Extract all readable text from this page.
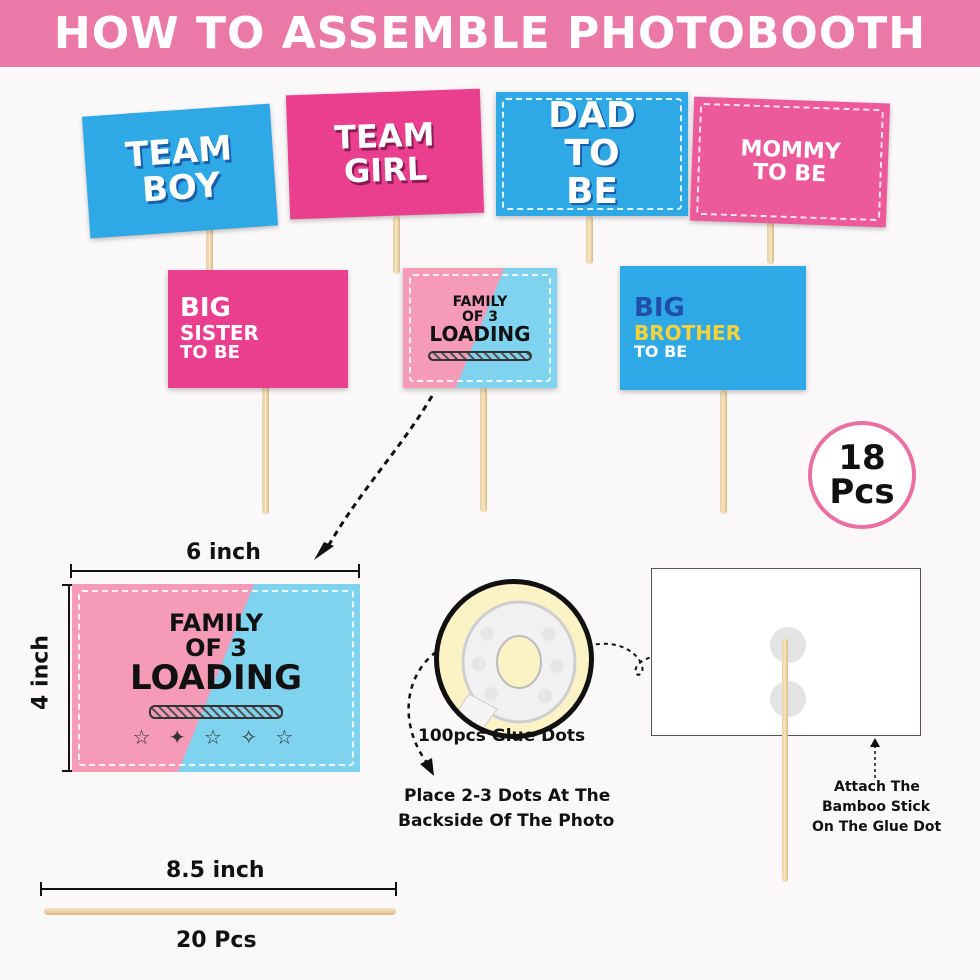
HOW TO ASSEMBLE PHOTOBOOTH
TEAM BOY
TEAM GIRL
DAD TO BE
MOMMY TO BE
BIG
SISTER
TO BE
FAMILY
OF 3
LOADING
BIG
BROTHER
TO BE
18
Pcs
6 inch
4 inch
FAMILY
OF 3
LOADING
☆ ✦ ☆ ✧ ☆	100pcs Glue Dots
Place 2-3 Dots At The
Backside Of The Photo
Attach The
Bamboo Stick
On The Glue Dot
8.5 inch
20 Pcs
